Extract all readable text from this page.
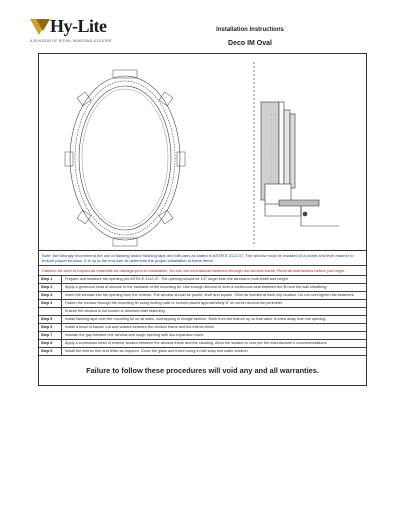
Hy-Lite
A DIVISION OF ROYAL WINDOWS & DOORS
Installation Instructions
Deco IM Oval
Note: We strongly recommend the use of flashing and/or flashing tape and still pans as stated in ASTM E 2112-07. The window must be installed in a plumb and level manner to ensure proper function. It is up to the end user to determine the proper installation of these items.
Caution: Be sure to inspect all materials for damage prior to installation. Do not use mechanical fasteners through the window frame. Read all instructions before you begin.
Step 1	Prepare and measure the opening per ASTM E 2112-07. The opening should be 1/2" larger than the window in both width and height.
Step 2	Apply a generous bead of silicone to the backside of the mounting fin. Use enough silicone to form a continuous seal between the fin and the wall sheathing.
Step 3	Insert the window into the opening from the exterior. The window should be plumb, level and square. Shim as needed at each clip location. Do not over-tighten the fasteners.
Step 4	Fasten the window through the mounting fin using roofing nails or screws placed approximately 8" on center around the perimeter.
Ensure the window is not bowed or distorted after fastening.
Step 5	Install flashing tape over the mounting fin on all sides, overlapping in shingle fashion. Work from the bottom up so that water is shed away from the opening.
Step 6	Install a bead of backer rod and sealant between the window frame and the interior finish.
Step 7	Insulate the gap between the window and rough opening with low-expansion foam.
Step 8	Apply a continuous bead of exterior sealant between the window frame and the cladding. Allow the sealant to cure per the manufacturer's recommendations.
Step 9	Install the interior trim and finish as required. Clean the glass and frame using a mild soap and water solution.
Failure to follow these procedures will void any and all warranties.
